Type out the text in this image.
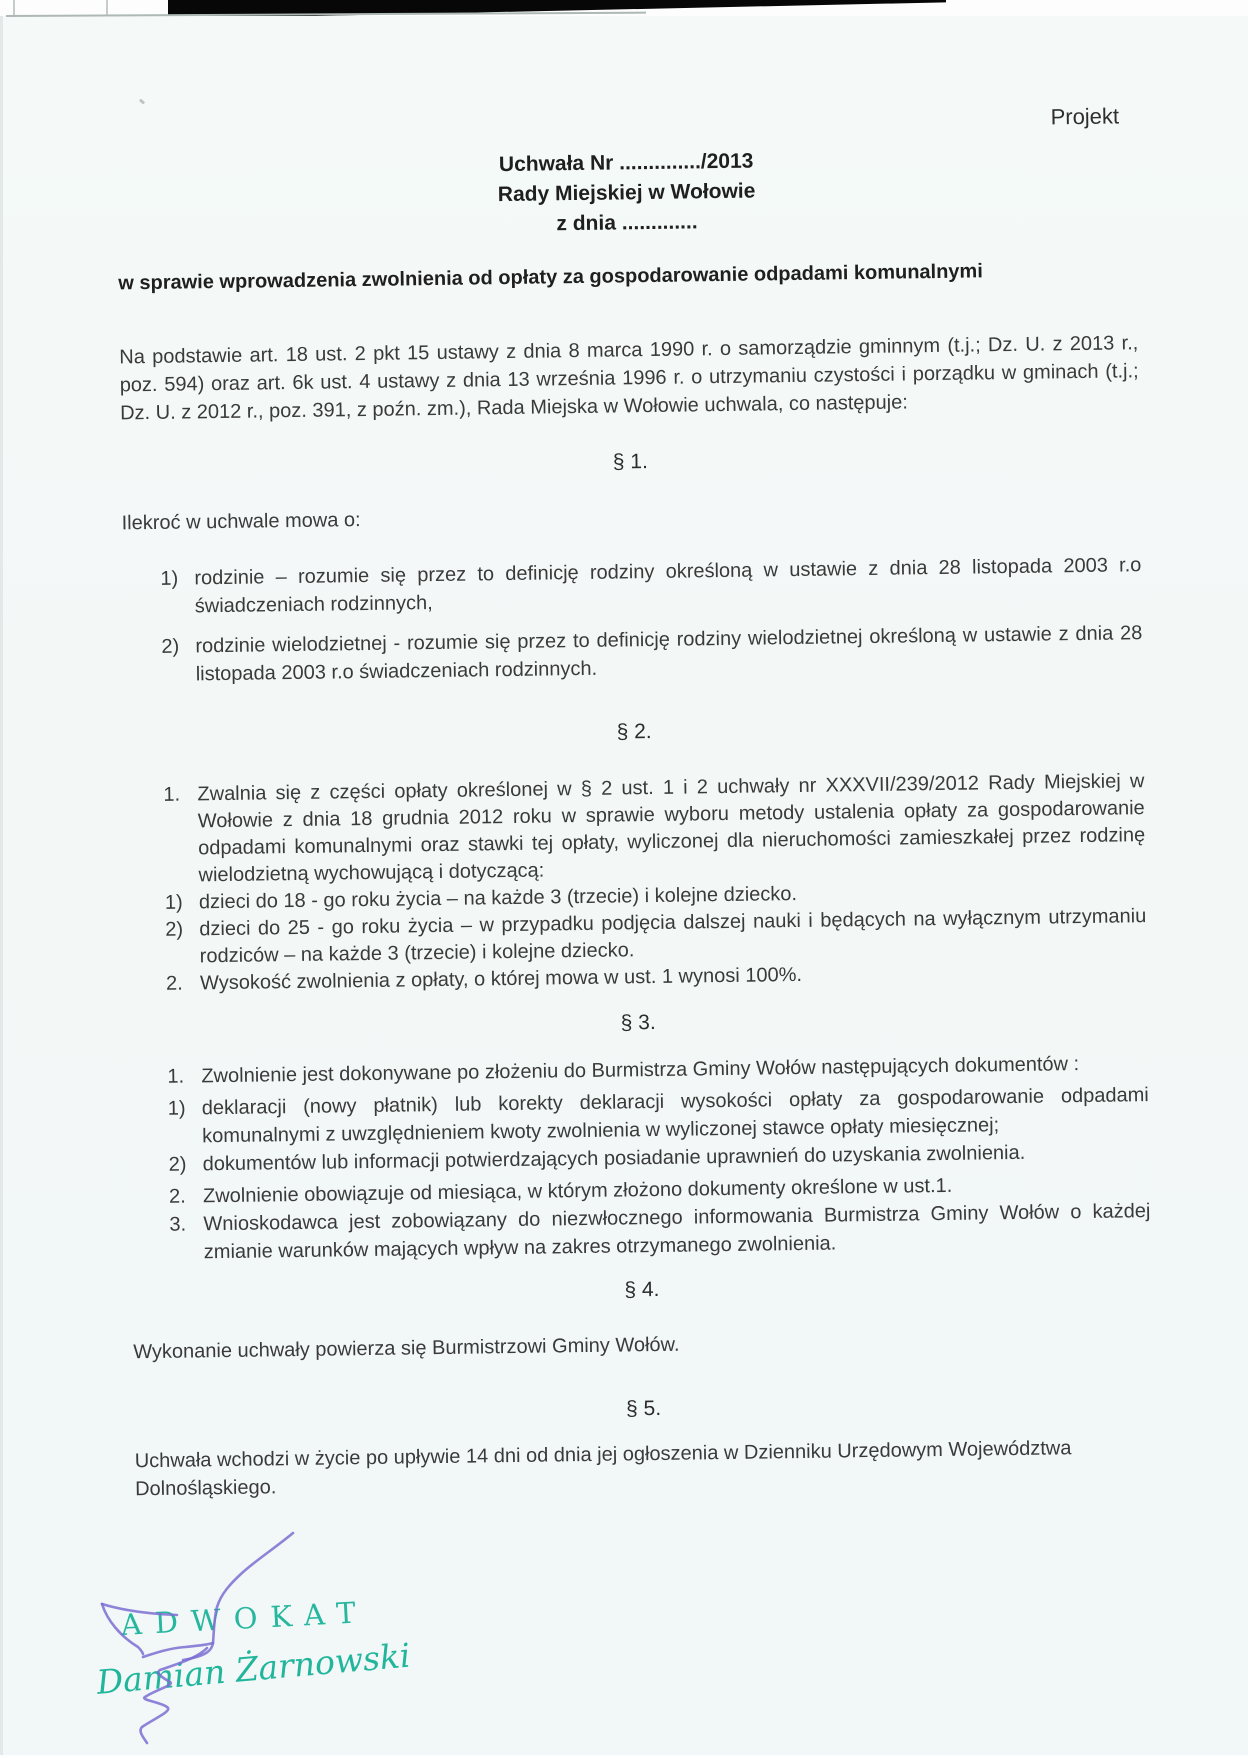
Projekt
Uchwała Nr ............../2013
Rady Miejskiej w Wołowie
z dnia .............
w sprawie wprowadzenia zwolnienia od opłaty za gospodarowanie odpadami komunalnymi
Na podstawie art. 18 ust. 2 pkt 15 ustawy z dnia 8 marca 1990 r. o samorządzie gminnym (t.j.; Dz. U. z 2013 r., poz. 594) oraz art. 6k ust. 4 ustawy z dnia 13 września 1996 r. o utrzymaniu czystości i porządku w gminach (t.j.; Dz. U. z 2012 r., poz. 391, z poźn. zm.), Rada Miejska w Wołowie uchwala, co następuje:
§ 1.
Ilekroć w uchwale mowa o:
1) rodzinie – rozumie się przez to definicję rodziny określoną w ustawie z dnia 28 listopada 2003 r.o świadczeniach rodzinnych,
2) rodzinie wielodzietnej - rozumie się przez to definicję rodziny wielodzietnej określoną w ustawie z dnia 28 listopada 2003 r.o świadczeniach rodzinnych.
§ 2.
1. Zwalnia się z części opłaty określonej w § 2 ust. 1 i 2 uchwały nr XXXVII/239/2012 Rady Miejskiej w Wołowie z dnia 18 grudnia 2012 roku w sprawie wyboru metody ustalenia opłaty za gospodarowanie odpadami komunalnymi oraz stawki tej opłaty, wyliczonej dla nieruchomości zamieszkałej przez rodzinę wielodzietną wychowującą i dotyczącą:
1) dzieci do 18 - go roku życia – na każde 3 (trzecie) i kolejne dziecko.
2) dzieci do 25 - go roku życia – w przypadku podjęcia dalszej nauki i będących na wyłącznym utrzymaniu rodziców – na każde 3 (trzecie) i kolejne dziecko.
2. Wysokość zwolnienia z opłaty, o której mowa w ust. 1 wynosi 100%.
§ 3.
1. Zwolnienie jest dokonywane po złożeniu do Burmistrza Gminy Wołów następujących dokumentów :
1) deklaracji (nowy płatnik) lub korekty deklaracji wysokości opłaty za gospodarowanie odpadami komunalnymi z uwzględnieniem kwoty zwolnienia w wyliczonej stawce opłaty miesięcznej;
2) dokumentów lub informacji potwierdzających posiadanie uprawnień do uzyskania zwolnienia.
2. Zwolnienie obowiązuje od miesiąca, w którym złożono dokumenty określone w ust.1.
3. Wnioskodawca jest zobowiązany do niezwłocznego informowania Burmistrza Gminy Wołów o każdej zmianie warunków mających wpływ na zakres otrzymanego zwolnienia.
§ 4.
Wykonanie uchwały powierza się Burmistrzowi Gminy Wołów.
§ 5.
Uchwała wchodzi w życie po upływie 14 dni od dnia jej ogłoszenia w Dzienniku Urzędowym Województwa Dolnośląskiego.
ADWOKAT
Damian Żarnowski
